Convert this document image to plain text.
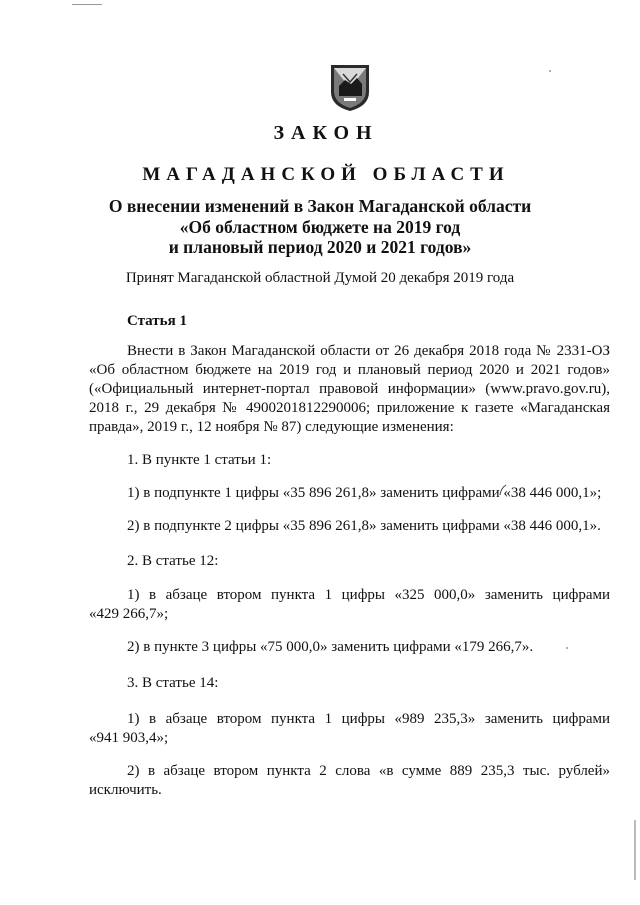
ЗАКОН
МАГАДАНСКОЙ ОБЛАСТИ
О внесении изменений в Закон Магаданской области
«Об областном бюджете на 2019 год
и плановый период 2020 и 2021 годов»
Принят Магаданской областной Думой 20 декабря 2019 года
Статья 1
Внести в Закон Магаданской области от 26 декабря 2018 года № 2331-ОЗ «Об областном бюджете на 2019 год и плановый период 2020 и 2021 годов» («Официальный интернет-портал правовой информации» (www.pravo.gov.ru), 2018 г., 29 декабря № 4900201812290006; приложение к газете «Магаданская правда», 2019 г., 12 ноября № 87) следующие изменения:
1. В пункте 1 статьи 1:
1) в подпункте 1 цифры «35 896 261,8» заменить цифрами «38 446 000,1»;
2) в подпункте 2 цифры «35 896 261,8» заменить цифрами «38 446 000,1».
2. В статье 12:
1) в абзаце втором пункта 1 цифры «325 000,0» заменить цифрами
«429 266,7»;
2) в пункте 3 цифры «75 000,0» заменить цифрами «179 266,7».
3. В статье 14:
1) в абзаце втором пункта 1 цифры «989 235,3» заменить цифрами
«941 903,4»;
2) в абзаце втором пункта 2 слова «в сумме 889 235,3 тыс. рублей»
исключить.
